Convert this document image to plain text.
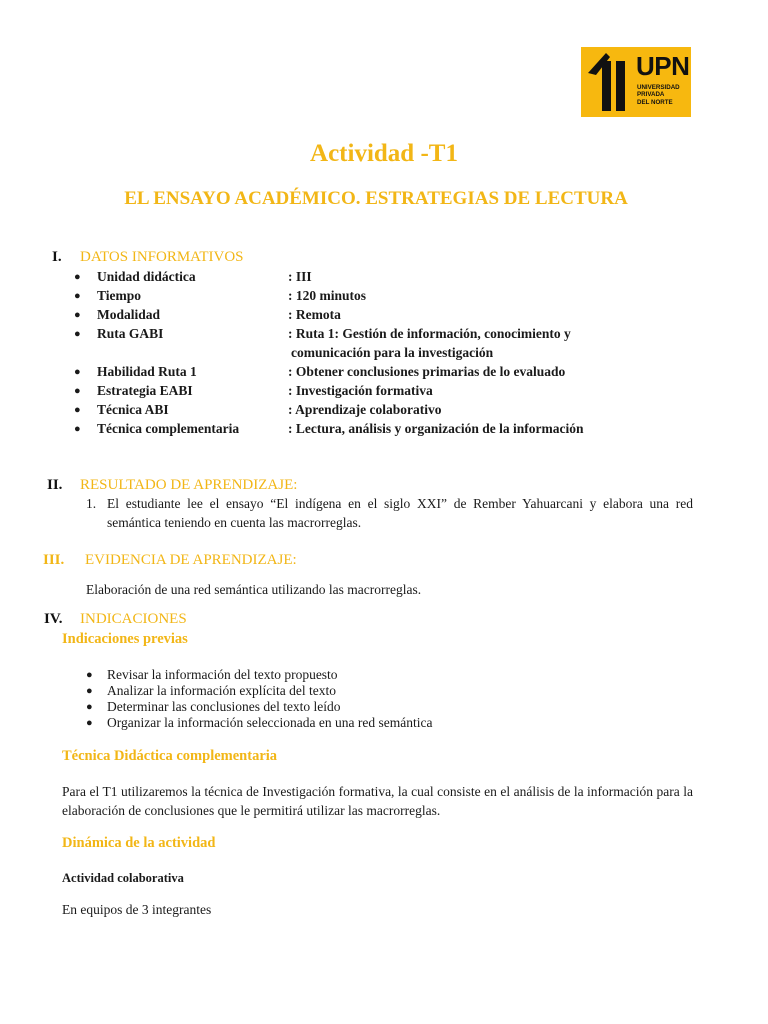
UPN
UNIVERSIDAD
PRIVADA
DEL NORTE
Actividad -T1
EL ENSAYO ACADÉMICO. ESTRATEGIAS DE LECTURA
I. DATOS INFORMATIVOS
● Unidad didáctica	: III
● Tiempo	: 120 minutos
● Modalidad	: Remota
● Ruta GABI	: Ruta 1: Gestión de información, conocimiento y
comunicación para la investigación
● Habilidad Ruta 1	: Obtener conclusiones primarias de lo evaluado
● Estrategia EABI	: Investigación formativa
● Técnica ABI	: Aprendizaje colaborativo
● Técnica complementaria	: Lectura, análisis y organización de la información
II. RESULTADO DE APRENDIZAJE:
1. El estudiante lee el ensayo “El indígena en el siglo XXI” de Rember Yahuarcani y elabora una red semántica teniendo en cuenta las macrorreglas.
III. EVIDENCIA DE APRENDIZAJE:
Elaboración de una red semántica utilizando las macrorreglas.
IV. INDICACIONES
Indicaciones previas
● Revisar la información del texto propuesto
● Analizar la información explícita del texto
● Determinar las conclusiones del texto leído
● Organizar la información seleccionada en una red semántica
Técnica Didáctica complementaria
Para el T1 utilizaremos la técnica de Investigación formativa, la cual consiste en el análisis de la información para la elaboración de conclusiones que le permitirá utilizar las macrorreglas.
Dinámica de la actividad
Actividad colaborativa
En equipos de 3 integrantes
